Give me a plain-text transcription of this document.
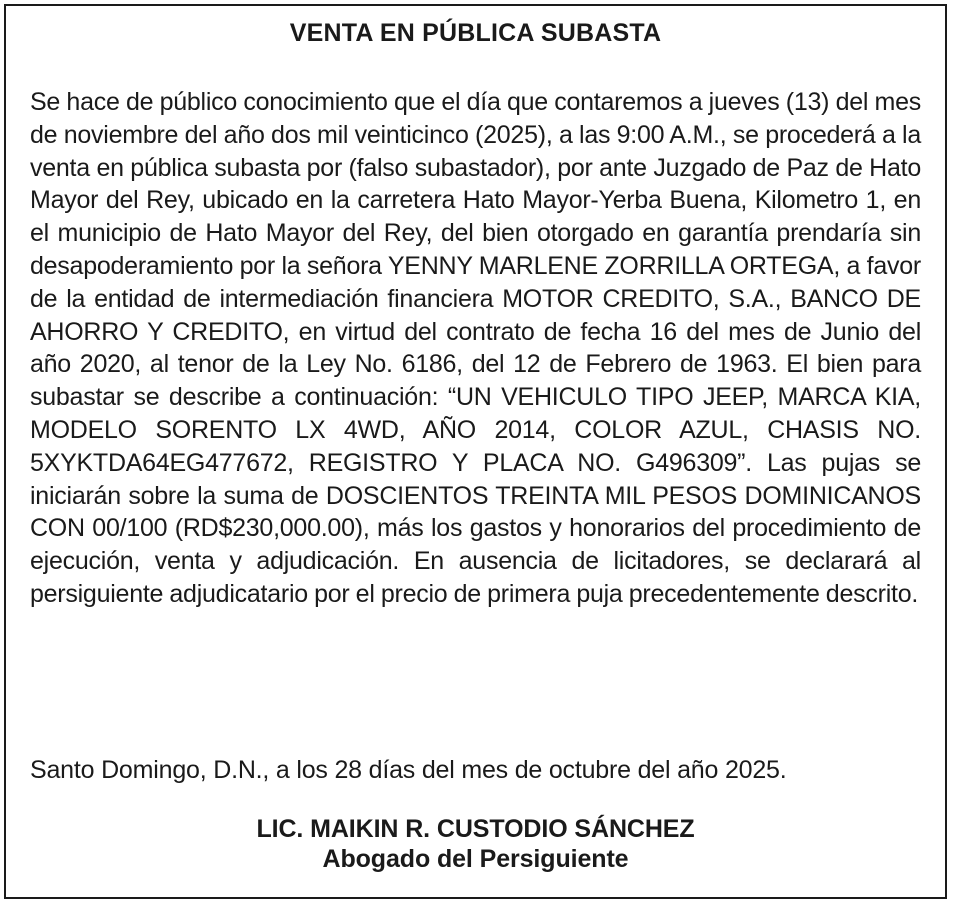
VENTA EN PÚBLICA SUBASTA

Se hace de público conocimiento que el día que contaremos a jueves (13) del mes de noviembre del año dos mil veinticinco (2025), a las 9:00 A.M., se procederá a la venta en pública subasta por (falso subastador), por ante Juzgado de Paz de Hato Mayor del Rey, ubicado en la carretera Hato Mayor-Yerba Buena, Kilometro 1, en el municipio de Hato Mayor del Rey, del bien otorgado en garantía prendaría sin desapoderamiento por la señora YENNY MARLENE ZORRILLA ORTEGA, a favor de la entidad de intermediación financiera MOTOR CREDITO, S.A., BANCO DE AHORRO Y CREDITO, en virtud del contrato de fecha 16 del mes de Junio del año 2020, al tenor de la Ley No. 6186, del 12 de Febrero de 1963. El bien para subastar se describe a continuación: “UN VEHICULO TIPO JEEP, MARCA KIA, MODELO SORENTO LX 4WD, AÑO 2014, COLOR AZUL, CHASIS NO. 5XYKTDA64EG477672, REGISTRO Y PLACA NO. G496309”. Las pujas se iniciarán sobre la suma de DOSCIENTOS TREINTA MIL PESOS DOMINICANOS CON 00/100 (RD$230,000.00), más los gastos y honorarios del procedimiento de ejecución, venta y adjudicación. En ausencia de licitadores, se declarará al persiguiente adjudicatario por el precio de primera puja precedentemente descrito.

Santo Domingo, D.N., a los 28 días del mes de octubre del año 2025.

LIC. MAIKIN R. CUSTODIO SÁNCHEZ
Abogado del Persiguiente
